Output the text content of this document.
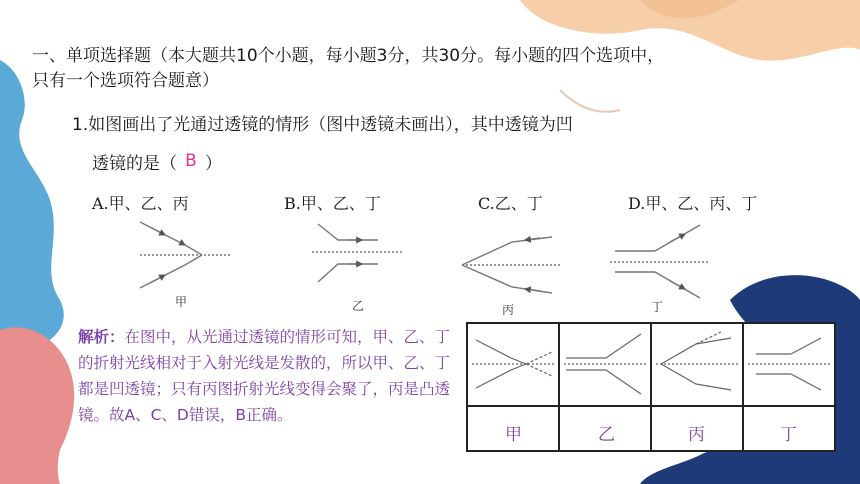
一、单项选择题（本大题共10个小题，每小题3分，共30分。每小题的四个选项中，
只有一个选项符合题意）
1.如图画出了光通过透镜的情形（图中透镜未画出），其中透镜为凹
透镜的是（ B ）
A.甲、乙、丙	B.甲、乙、丁	C.乙、丁	D.甲、乙、丙、丁
甲	乙	丙	丁
解析：在图中，从光通过透镜的情形可知，甲、乙、丁的折射光线相对于入射光线是发散的，所以甲、乙、丁都是凹透镜；只有丙图折射光线变得会聚了，丙是凸透镜。故A、C、D错误，B正确。
甲	乙	丙	丁
